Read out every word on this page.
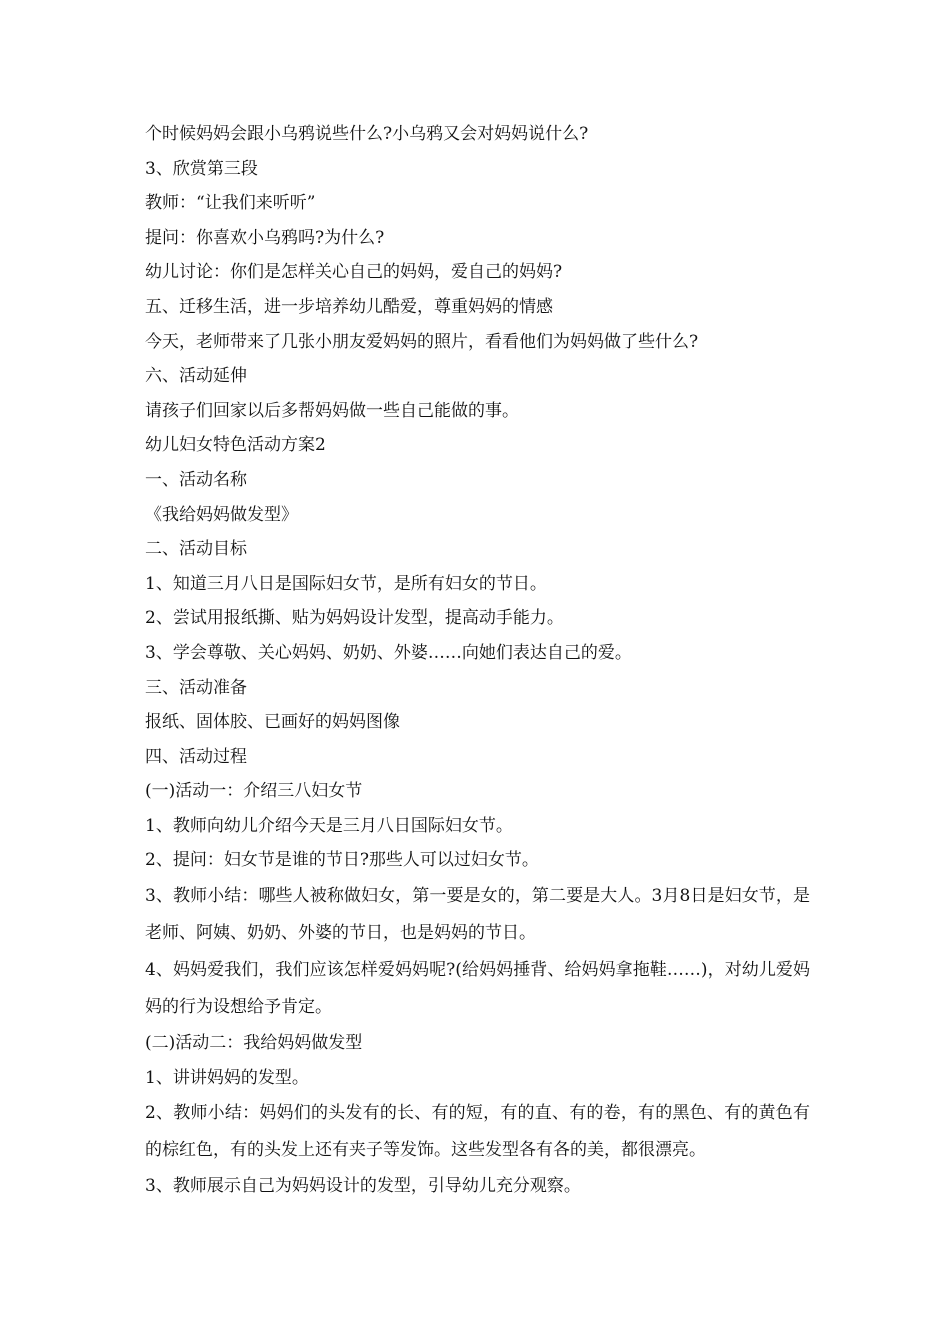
个时候妈妈会跟小乌鸦说些什么?小乌鸦又会对妈妈说什么?
3、欣赏第三段
教师：“让我们来听听”
提问：你喜欢小乌鸦吗?为什么?
幼儿讨论：你们是怎样关心自己的妈妈，爱自己的妈妈?
五、迁移生活，进一步培养幼儿酷爱，尊重妈妈的情感
今天，老师带来了几张小朋友爱妈妈的照片，看看他们为妈妈做了些什么?
六、活动延伸
请孩子们回家以后多帮妈妈做一些自己能做的事。
幼儿妇女特色活动方案2
一、活动名称
《我给妈妈做发型》
二、活动目标
1、知道三月八日是国际妇女节，是所有妇女的节日。
2、尝试用报纸撕、贴为妈妈设计发型，提高动手能力。
3、学会尊敬、关心妈妈、奶奶、外婆……向她们表达自己的爱。
三、活动准备
报纸、固体胶、已画好的妈妈图像
四、活动过程
(一)活动一：介绍三八妇女节
1、教师向幼儿介绍今天是三月八日国际妇女节。
2、提问：妇女节是谁的节日?那些人可以过妇女节。
3、教师小结：哪些人被称做妇女，第一要是女的，第二要是大人。3月8日是妇女节，是老师、阿姨、奶奶、外婆的节日，也是妈妈的节日。
4、妈妈爱我们，我们应该怎样爱妈妈呢?(给妈妈捶背、给妈妈拿拖鞋……)，对幼儿爱妈妈的行为设想给予肯定。
(二)活动二：我给妈妈做发型
1、讲讲妈妈的发型。
2、教师小结：妈妈们的头发有的长、有的短，有的直、有的卷，有的黑色、有的黄色有的棕红色，有的头发上还有夹子等发饰。这些发型各有各的美，都很漂亮。
3、教师展示自己为妈妈设计的发型，引导幼儿充分观察。
